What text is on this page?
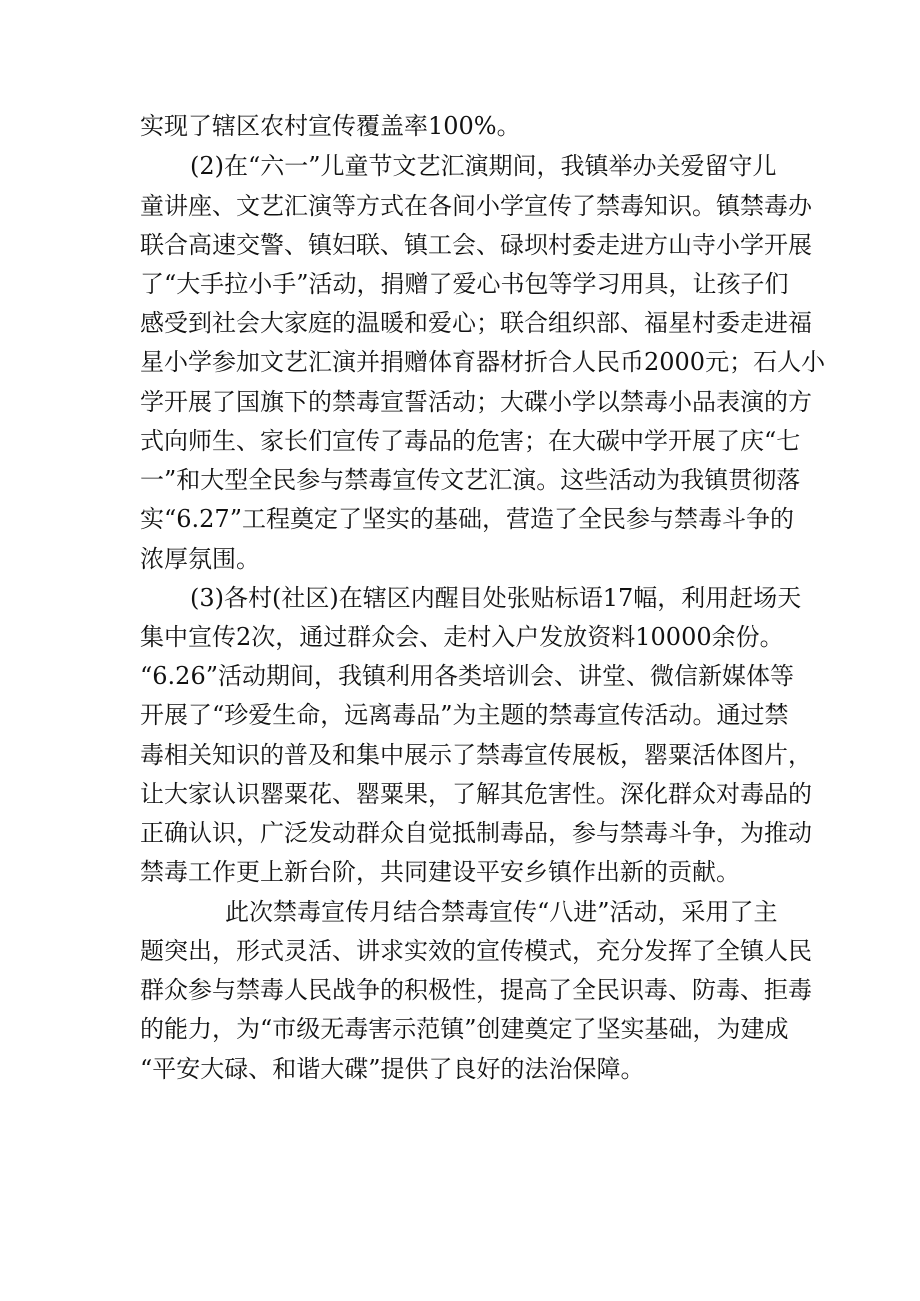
实现了辖区农村宣传覆盖率100%。

(2)在“六一”儿童节文艺汇演期间，我镇举办关爱留守儿

童讲座、文艺汇演等方式在各间小学宣传了禁毒知识。镇禁毒办

联合高速交警、镇妇联、镇工会、碌坝村委走进方山寺小学开展

了“大手拉小手”活动，捐赠了爱心书包等学习用具，让孩子们

感受到社会大家庭的温暖和爱心；联合组织部、福星村委走进福

星小学参加文艺汇演并捐赠体育器材折合人民币2000元；石人小

学开展了国旗下的禁毒宣誓活动；大碟小学以禁毒小品表演的方

式向师生、家长们宣传了毒品的危害；在大碳中学开展了庆“七

一”和大型全民参与禁毒宣传文艺汇演。这些活动为我镇贯彻落

实“6.27”工程奠定了坚实的基础，营造了全民参与禁毒斗争的

浓厚氛围。

(3)各村(社区)在辖区内醒目处张贴标语17幅，利用赶场天

集中宣传2次，通过群众会、走村入户发放资料10000余份。

“6.26”活动期间，我镇利用各类培训会、讲堂、微信新媒体等

开展了“珍爱生命，远离毒品”为主题的禁毒宣传活动。通过禁

毒相关知识的普及和集中展示了禁毒宣传展板，罂粟活体图片，

让大家认识罂粟花、罂粟果，了解其危害性。深化群众对毒品的

正确认识，广泛发动群众自觉抵制毒品，参与禁毒斗争，为推动

禁毒工作更上新台阶，共同建设平安乡镇作出新的贡献。

此次禁毒宣传月结合禁毒宣传“八进”活动，采用了主

题突出，形式灵活、讲求实效的宣传模式，充分发挥了全镇人民

群众参与禁毒人民战争的积极性，提高了全民识毒、防毒、拒毒

的能力，为“市级无毒害示范镇”创建奠定了坚实基础，为建成

“平安大碌、和谐大碟”提供了良好的法治保障。
